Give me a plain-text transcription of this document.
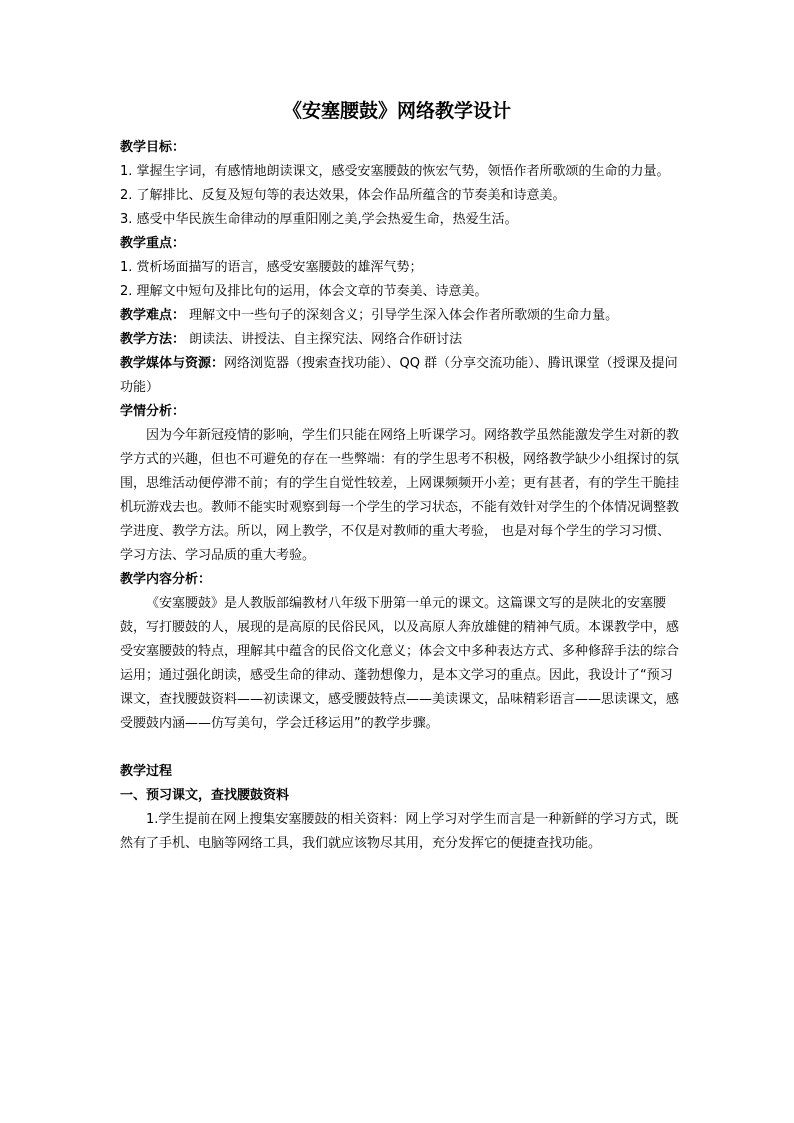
《安塞腰鼓》网络教学设计

教学目标：

1. 掌握生字词，有感情地朗读课文，感受安塞腰鼓的恢宏气势，领悟作者所歌颂的生命的力量。

2. 了解排比、反复及短句等的表达效果，体会作品所蕴含的节奏美和诗意美。

3. 感受中华民族生命律动的厚重阳刚之美,学会热爱生命，热爱生活。

教学重点：

1. 赏析场面描写的语言，感受安塞腰鼓的雄浑气势；

2. 理解文中短句及排比句的运用，体会文章的节奏美、诗意美。

教学难点： 理解文中一些句子的深刻含义；引导学生深入体会作者所歌颂的生命力量。

教学方法： 朗读法、讲授法、自主探究法、网络合作研讨法

教学媒体与资源：网络浏览器（搜索查找功能）、QQ 群（分享交流功能）、腾讯课堂（授课及提问功能）

学情分析：

因为今年新冠疫情的影响，学生们只能在网络上听课学习。网络教学虽然能激发学生对新的教学方式的兴趣，但也不可避免的存在一些弊端：有的学生思考不积极，网络教学缺少小组探讨的氛围，思维活动便停滞不前；有的学生自觉性较差，上网课频频开小差；更有甚者，有的学生干脆挂机玩游戏去也。教师不能实时观察到每一个学生的学习状态，不能有效针对学生的个体情况调整教学进度、教学方法。所以，网上教学，不仅是对教师的重大考验， 也是对每个学生的学习习惯、学习方法、学习品质的重大考验。

教学内容分析：

《安塞腰鼓》是人教版部编教材八年级下册第一单元的课文。这篇课文写的是陕北的安塞腰鼓，写打腰鼓的人，展现的是高原的民俗民风，以及高原人奔放雄健的精神气质。本课教学中，感受安塞腰鼓的特点，理解其中蕴含的民俗文化意义；体会文中多种表达方式、多种修辞手法的综合运用；通过强化朗读，感受生命的律动、蓬勃想像力，是本文学习的重点。因此，我设计了“预习课文，查找腰鼓资料——初读课文，感受腰鼓特点——美读课文，品味精彩语言——思读课文，感受腰鼓内涵——仿写美句，学会迁移运用”的教学步骤。

教学过程

一、预习课文，查找腰鼓资料

1.学生提前在网上搜集安塞腰鼓的相关资料：网上学习对学生而言是一种新鲜的学习方式，既然有了手机、电脑等网络工具，我们就应该物尽其用，充分发挥它的便捷查找功能。
